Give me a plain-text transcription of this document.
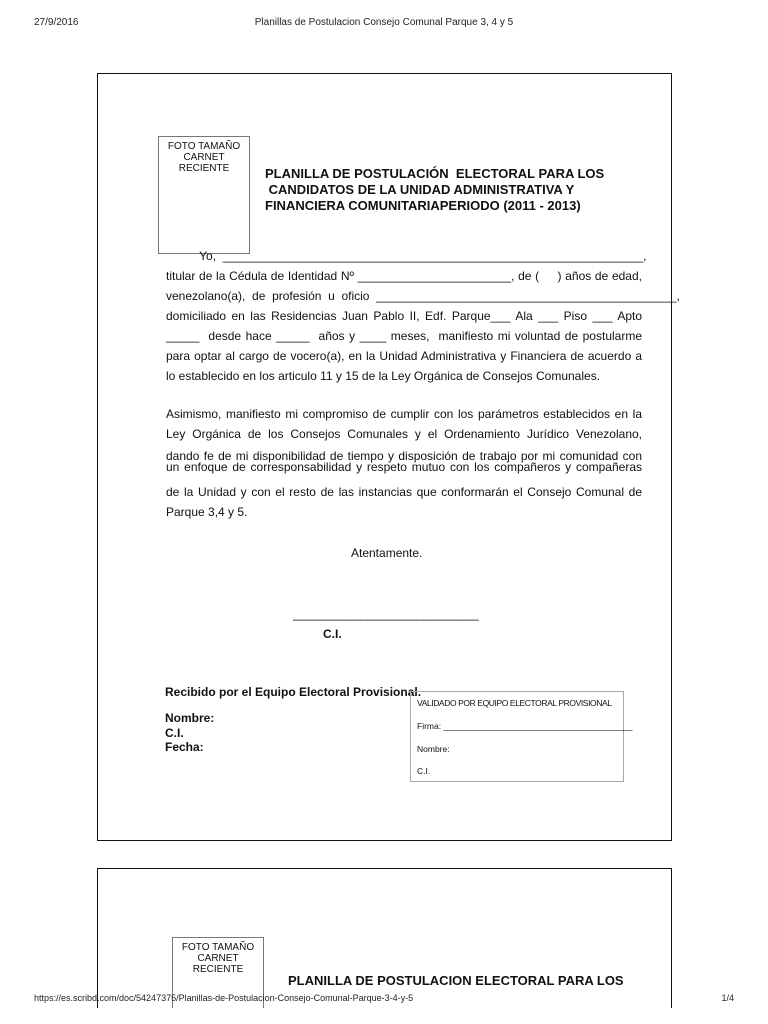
27/9/2016	Planillas de Postulacion Consejo Comunal Parque 3, 4 y 5
FOTO TAMAÑO
CARNET
RECIENTE	PLANILLA DE POSTULACIÓN  ELECTORAL PARA LOS
CANDIDATOS DE LA UNIDAD ADMINISTRATIVA Y
FINANCIERA COMUNITARIAPERIODO (2011 - 2013)
Yo,  _______________________________________________________________,
titular de la Cédula de Identidad Nº _______________________, de (     ) años de edad,
venezolano(a),  de  profesión  u  oficio  _____________________________________________,
domiciliado en las Residencias Juan Pablo II, Edf. Parque___ Ala ___ Piso ___ Apto
_____  desde hace _____  años y ____ meses,  manifiesto mi voluntad de postularme
para optar al cargo de vocero(a), en la Unidad Administrativa y Financiera de acuerdo a
lo establecido en los articulo 11 y 15 de la Ley Orgánica de Consejos Comunales.
Asimismo, manifiesto mi compromiso de cumplir con los parámetros establecidos en la
Ley Orgánica de los Consejos Comunales y el Ordenamiento Jurídico Venezolano,
dando fe de mi disponibilidad de tiempo y disposición de trabajo por mi comunidad con
un enfoque de corresponsabilidad y respeto mutuo con los compañeros y compañeras
de la Unidad y con el resto de las instancias que conformarán el Consejo Comunal de
Parque 3,4 y 5.
Atentamente.
______________________________
C.I.
Recibido por el Equipo Electoral Provisional.
Nombre:
C.I.
Fecha:
VALIDADO POR EQUIPO ELECTORAL PROVISIONAL
Firma: ________________________________________
Nombre:
C.I.
FOTO TAMAÑO
CARNET
RECIENTE
PLANILLA DE POSTULACION ELECTORAL PARA LOS
https://es.scribd.com/doc/54247375/Planillas-de-Postulacion-Consejo-Comunal-Parque-3-4-y-5	1/4
